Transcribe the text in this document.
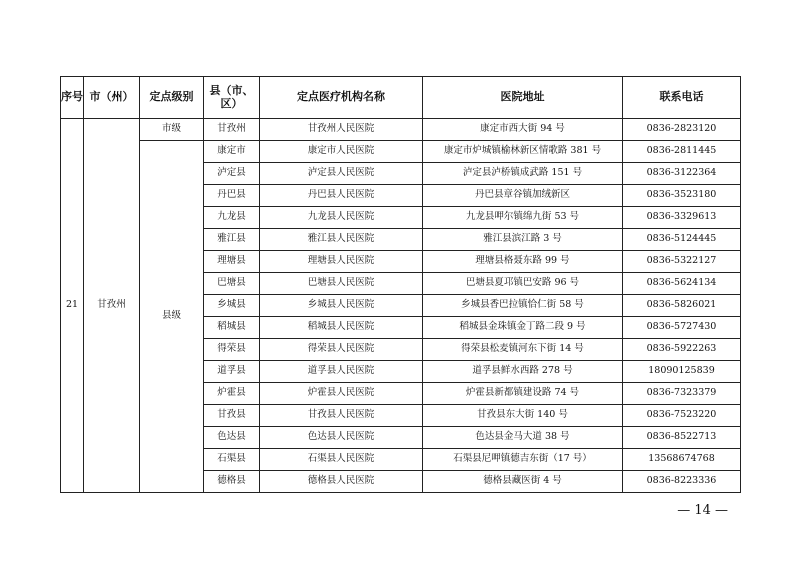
序号	市（州）	定点级别	县（市、区）	定点医疗机构名称	医院地址	联系电话
21	甘孜州	市级	甘孜州	甘孜州人民医院	康定市西大街 94 号	0836-2823120
		县级	康定市	康定市人民医院	康定市炉城镇榆林新区情歌路 381 号	0836-2811445
			泸定县	泸定县人民医院	泸定县泸桥镇成武路 151 号	0836-3122364
			丹巴县	丹巴县人民医院	丹巴县章谷镇加绒新区	0836-3523180
			九龙县	九龙县人民医院	九龙县呷尔镇绵九街 53 号	0836-3329613
			雅江县	雅江县人民医院	雅江县滨江路 3 号	0836-5124445
			理塘县	理塘县人民医院	理塘县格聂东路 99 号	0836-5322127
			巴塘县	巴塘县人民医院	巴塘县夏邛镇巴安路 96 号	0836-5624134
			乡城县	乡城县人民医院	乡城县香巴拉镇恰仁街 58 号	0836-5826021
			稻城县	稻城县人民医院	稻城县金珠镇金丁路二段 9 号	0836-5727430
			得荣县	得荣县人民医院	得荣县松麦镇河东下街 14 号	0836-5922263
			道孚县	道孚县人民医院	道孚县鲜水西路 278 号	18090125839
			炉霍县	炉霍县人民医院	炉霍县新都镇建设路 74 号	0836-7323379
			甘孜县	甘孜县人民医院	甘孜县东大街 140 号	0836-7523220
			色达县	色达县人民医院	色达县金马大道 38 号	0836-8522713
			石渠县	石渠县人民医院	石渠县尼呷镇德吉东街（17 号）	13568674768
			德格县	德格县人民医院	德格县藏医街 4 号	0836-8223336
— 14 —
